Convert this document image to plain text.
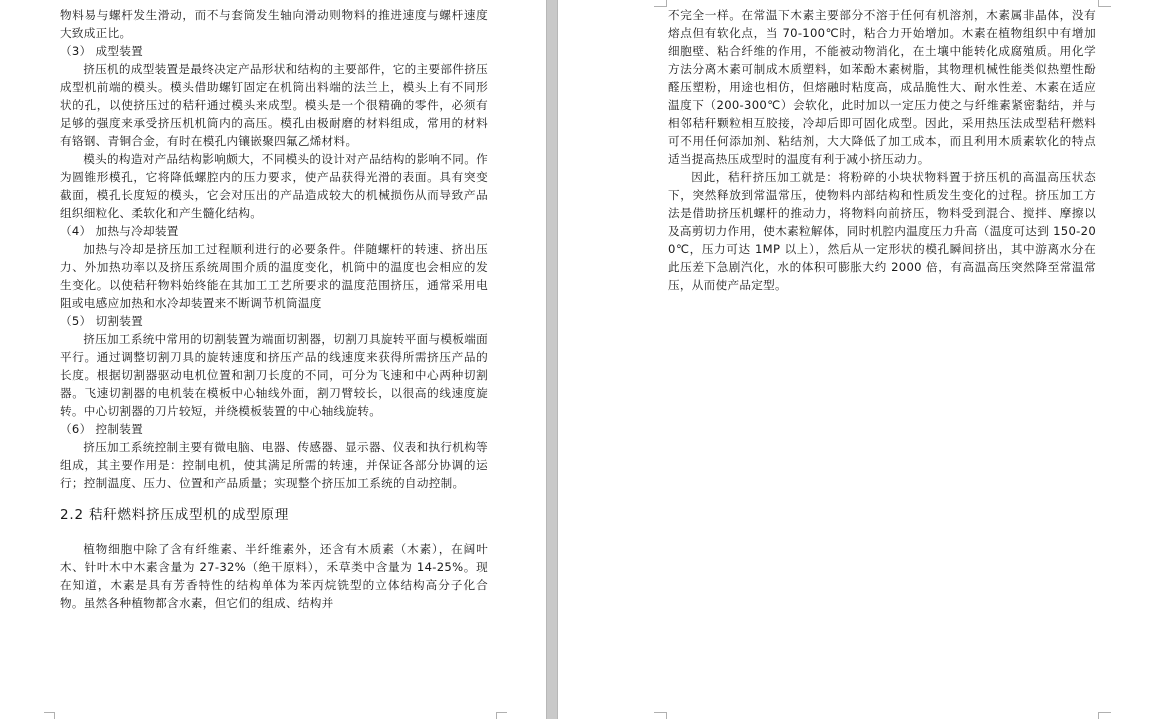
物料易与螺杆发生滑动，而不与套筒发生轴向滑动则物料的推进速度与螺杆速度大致成正比。

（3） 成型装置

挤压机的成型装置是最终决定产品形状和结构的主要部件，它的主要部件挤压成型机前端的模头。模头借助螺钉固定在机筒出料端的法兰上，模头上有不同形状的孔，以使挤压过的秸秆通过模头来成型。模头是一个很精确的零件，必须有足够的强度来承受挤压机机筒内的高压。模孔由极耐磨的材料组成，常用的材料有铬钢、青铜合金，有时在模孔内镶嵌聚四氟乙烯材料。

模头的构造对产品结构影响颇大，不同模头的设计对产品结构的影响不同。作为圆锥形模孔，它将降低螺腔内的压力要求，使产品获得光滑的表面。具有突变截面，模孔长度短的模头，它会对压出的产品造成较大的机械损伤从而导致产品组织细粒化、柔软化和产生髓化结构。

（4） 加热与冷却装置

加热与冷却是挤压加工过程顺利进行的必要条件。伴随螺杆的转速、挤出压力、外加热功率以及挤压系统周围介质的温度变化，机筒中的温度也会相应的发生变化。以使秸秆物料始终能在其加工工艺所要求的温度范围挤压，通常采用电阻或电感应加热和水冷却装置来不断调节机筒温度

（5） 切割装置

挤压加工系统中常用的切割装置为端面切割器，切割刀具旋转平面与模板端面平行。通过调整切割刀具的旋转速度和挤压产品的线速度来获得所需挤压产品的长度。根据切割器驱动电机位置和割刀长度的不同，可分为飞速和中心两种切割器。飞速切割器的电机装在模板中心轴线外面，割刀臂较长，以很高的线速度旋转。中心切割器的刀片较短，并绕模板装置的中心轴线旋转。

（6） 控制装置

挤压加工系统控制主要有微电脑、电器、传感器、显示器、仪表和执行机构等组成，其主要作用是：控制电机，使其满足所需的转速，并保证各部分协调的运行；控制温度、压力、位置和产品质量；实现整个挤压加工系统的自动控制。

2.2 秸秆燃料挤压成型机的成型原理

植物细胞中除了含有纤维素、半纤维素外，还含有木质素（木素），在阔叶木、针叶木中木素含量为 27-32%（绝干原料），禾草类中含量为 14-25%。现在知道，木素是具有芳香特性的结构单体为苯丙烷铣型的立体结构高分子化合物。虽然各种植物都含水素，但它们的组成、结构并

不完全一样。在常温下木素主要部分不溶于任何有机溶剂，木素属非晶体，没有熔点但有软化点，当 70-100℃时，粘合力开始增加。木素在植物组织中有增加细胞壁、粘合纤维的作用，不能被动物消化，在土壤中能转化成腐殖质。用化学方法分离木素可制成木质塑料，如苯酚木素树脂，其物理机械性能类似热塑性酚醛压塑粉，用途也相仿，但熔融时粘度高，成品脆性大、耐水性差、木素在适应温度下（200-300℃）会软化，此时加以一定压力使之与纤维素紧密黏结，并与相邻秸秆颗粒相互胶接，冷却后即可固化成型。因此，采用热压法成型秸秆燃料可不用任何添加剂、粘结剂，大大降低了加工成本，而且利用木质素软化的特点适当提高热压成型时的温度有利于减小挤压动力。

因此，秸秆挤压加工就是：将粉碎的小块状物料置于挤压机的高温高压状态下，突然释放到常温常压，使物料内部结构和性质发生变化的过程。挤压加工方法是借助挤压机螺杆的推动力，将物料向前挤压，物料受到混合、搅拌、摩擦以及高剪切力作用，使木素粒解体，同时机腔内温度压力升高（温度可达到 150-200℃，压力可达 1MP 以上），然后从一定形状的模孔瞬间挤出，其中游离水分在此压差下急剧汽化，水的体积可膨胀大约 2000 倍，有高温高压突然降至常温常压，从而使产品定型。
